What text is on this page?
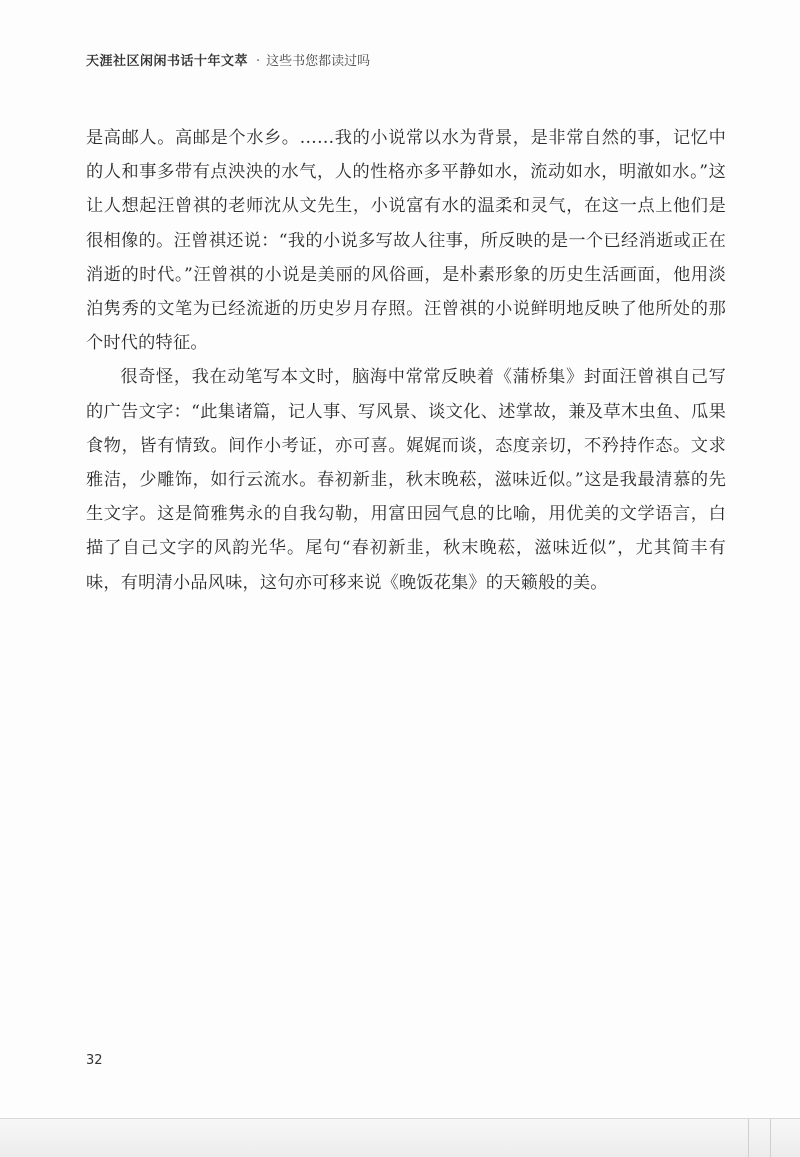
天涯社区闲闲书话十年文萃 · 这些书您都读过吗

是高邮人。高邮是个水乡。……我的小说常以水为背景，是非常自然的事，记忆中的人和事多带有点泱泱的水气，人的性格亦多平静如水，流动如水，明澈如水。”这让人想起汪曾祺的老师沈从文先生，小说富有水的温柔和灵气，在这一点上他们是很相像的。汪曾祺还说：“我的小说多写故人往事，所反映的是一个已经消逝或正在消逝的时代。”汪曾祺的小说是美丽的风俗画，是朴素形象的历史生活画面，他用淡泊隽秀的文笔为已经流逝的历史岁月存照。汪曾祺的小说鲜明地反映了他所处的那个时代的特征。

很奇怪，我在动笔写本文时，脑海中常常反映着《蒲桥集》封面汪曾祺自己写的广告文字：“此集诸篇，记人事、写风景、谈文化、述掌故，兼及草木虫鱼、瓜果食物，皆有情致。间作小考证，亦可喜。娓娓而谈，态度亲切，不矜持作态。文求雅洁，少雕饰，如行云流水。春初新韭，秋末晚菘，滋味近似。”这是我最清慕的先生文字。这是简雅隽永的自我勾勒，用富田园气息的比喻，用优美的文学语言，白描了自己文字的风韵光华。尾句“春初新韭，秋末晚菘，滋味近似”，尤其简丰有味，有明清小品风味，这句亦可移来说《晚饭花集》的天籁般的美。

32
